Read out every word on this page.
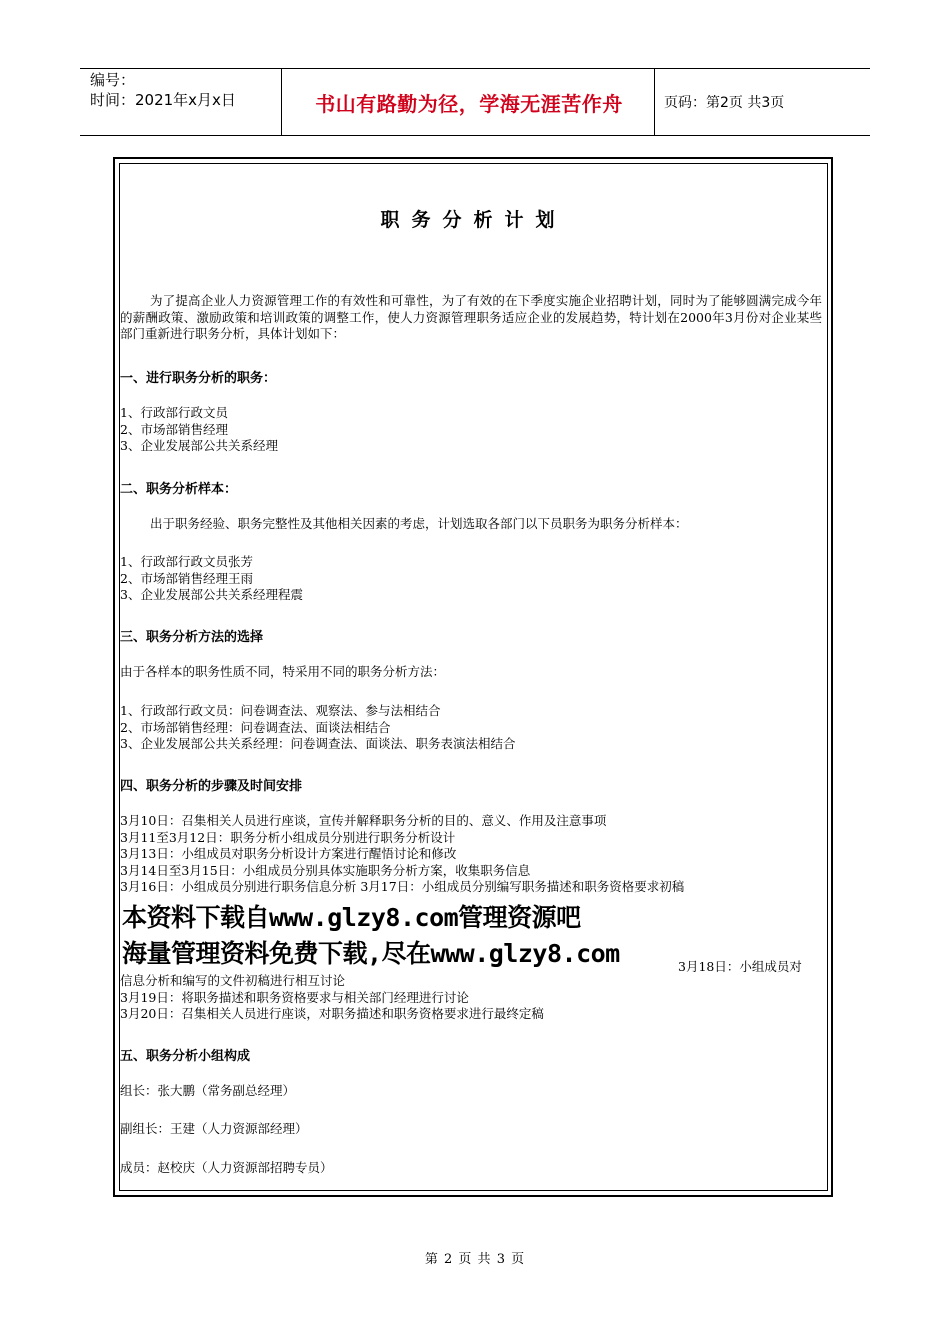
编号：
时间：2021年x月x日	书山有路勤为径，学海无涯苦作舟	页码：第2页 共3页
职务分析计划
为了提高企业人力资源管理工作的有效性和可靠性，为了有效的在下季度实施企业招聘计划，同时为了能够圆满完成今年的薪酬政策、激励政策和培训政策的调整工作，使人力资源管理职务适应企业的发展趋势，特计划在2000年3月份对企业某些部门重新进行职务分析，具体计划如下：
一、进行职务分析的职务：
1、行政部行政文员
2、市场部销售经理
3、企业发展部公共关系经理
二、职务分析样本：
出于职务经验、职务完整性及其他相关因素的考虑，计划选取各部门以下员职务为职务分析样本：
1、行政部行政文员张芳
2、市场部销售经理王雨
3、企业发展部公共关系经理程震
三、职务分析方法的选择
由于各样本的职务性质不同，特采用不同的职务分析方法：
1、行政部行政文员：问卷调查法、观察法、参与法相结合
2、市场部销售经理：问卷调查法、面谈法相结合
3、企业发展部公共关系经理：问卷调查法、面谈法、职务表演法相结合
四、职务分析的步骤及时间安排
3月10日：召集相关人员进行座谈，宣传并解释职务分析的目的、意义、作用及注意事项
3月11至3月12日：职务分析小组成员分别进行职务分析设计
3月13日：小组成员对职务分析设计方案进行醒悟讨论和修改
3月14日至3月15日：小组成员分别具体实施职务分析方案，收集职务信息
3月16日：小组成员分别进行职务信息分析 3月17日：小组成员分别编写职务描述和职务资格要求初稿
本资料下载自www.glzy8.com管理资源吧
海量管理资料免费下载,尽在www.glzy8.com	3月18日：小组成员对
信息分析和编写的文件初稿进行相互讨论
3月19日：将职务描述和职务资格要求与相关部门经理进行讨论
3月20日：召集相关人员进行座谈，对职务描述和职务资格要求进行最终定稿
五、职务分析小组构成
组长：张大鹏（常务副总经理）
副组长：王建（人力资源部经理）
成员：赵校庆（人力资源部招聘专员）
第 2 页 共 3 页
